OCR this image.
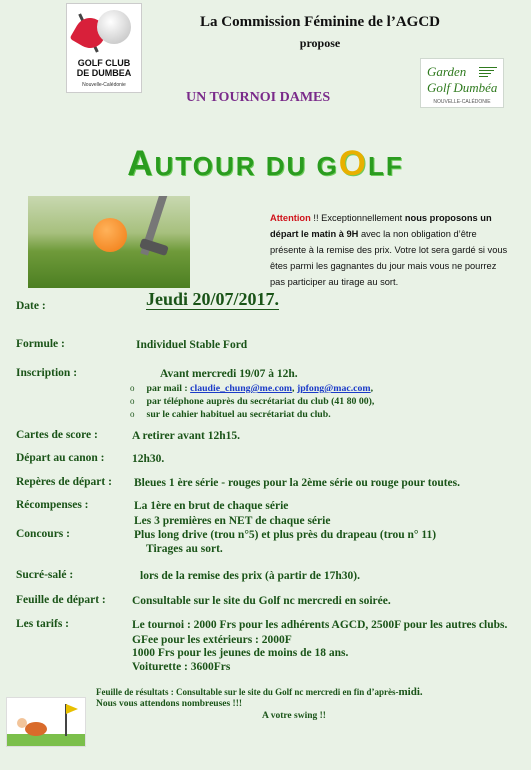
GOLF CLUB
DE DUMBEA
Nouvelle-Calédonie
La Commission Féminine de l’AGCD
propose
Garden
Golf Dumbéa
NOUVELLE-CALÉDONIE
UN TOURNOI DAMES
AUTOUR DU GOLF
Attention !! Exceptionnellement nous proposons un départ le matin à 9H avec la non obligation d’être présente à la remise des prix. Votre lot sera gardé si vous êtes parmi les gagnantes du jour mais vous ne pourrez pas participer au tirage au sort.
Date :	Jeudi 20/07/2017.
Formule :	Individuel Stable Ford
Inscription :	Avant mercredi 19/07 à 12h.
o par mail : claudie_chung@me.com, jpfong@mac.com,
o par téléphone auprès du secrétariat du club (41 80 00),
o sur le cahier habituel au secrétariat du club.
Cartes de score :	A retirer avant 12h15.
Départ au canon : 12h30.
Repères de départ : Bleues 1 ère série - rouges pour la 2ème série ou rouge pour toutes.
Récompenses :	La 1ère en brut de chaque série
Les 3 premières en NET de chaque série
Concours :	Plus long drive (trou n°5) et plus près du drapeau (trou n° 11)
Tirages au sort.
Sucré-salé :	lors de la remise des prix (à partir de 17h30).
Feuille de départ : Consultable sur le site du Golf nc mercredi en soirée.
Les tarifs :	Le tournoi : 2000 Frs pour les adhérents AGCD, 2500F pour les autres clubs. GFee pour les extérieurs : 2000F
1000 Frs pour les jeunes de moins de 18 ans.
Voiturette : 3600Frs
Feuille de résultats : Consultable sur le site du Golf nc mercredi en fin d’après-midi.
Nous vous attendons nombreuses !!!
A votre swing !!
